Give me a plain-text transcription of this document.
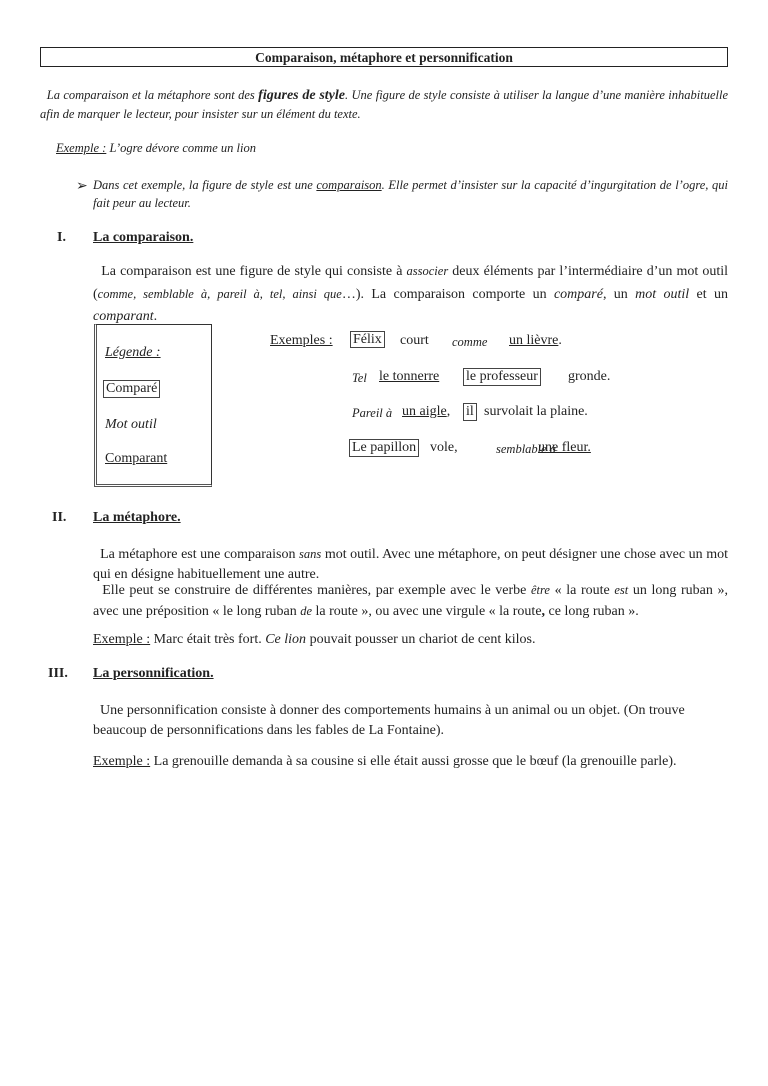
Comparaison, métaphore et personnification
La comparaison et la métaphore sont des figures de style. Une figure de style consiste à utiliser la langue d’une manière inhabituelle afin de marquer le lecteur, pour insister sur un élément du texte.
Exemple : L’ogre dévore comme un lion
➢ Dans cet exemple, la figure de style est une comparaison. Elle permet d’insister sur la capacité d’ingurgitation de l’ogre, qui fait peur au lecteur.
I. La comparaison.
La comparaison est une figure de style qui consiste à associer deux éléments par l’intermédiaire d’un mot outil (comme, semblable à, pareil à, tel, ainsi que…). La comparaison comporte un comparé, un mot outil et un comparant.
Légende :
Comparé
Mot outil
Comparant
Exemples : Félix court comme un lièvre.
Tel le tonnerre le professeur gronde.
Pareil à un aigle, il survolait la plaine.
Le papillon vole,	semblable à
une fleur.
II. La métaphore.
La métaphore est une comparaison sans mot outil. Avec une métaphore, on peut désigner une chose avec un mot qui en désigne habituellement une autre.
Elle peut se construire de différentes manières, par exemple avec le verbe être « la route est un long ruban », avec une préposition « le long ruban de la route », ou avec une virgule « la route, ce long ruban ».
Exemple : Marc était très fort. Ce lion pouvait pousser un chariot de cent kilos.
III. La personnification.
Une personnification consiste à donner des comportements humains à un animal ou un objet. (On trouve beaucoup de personnifications dans les fables de La Fontaine).
Exemple : La grenouille demanda à sa cousine si elle était aussi grosse que le bœuf (la grenouille parle).
